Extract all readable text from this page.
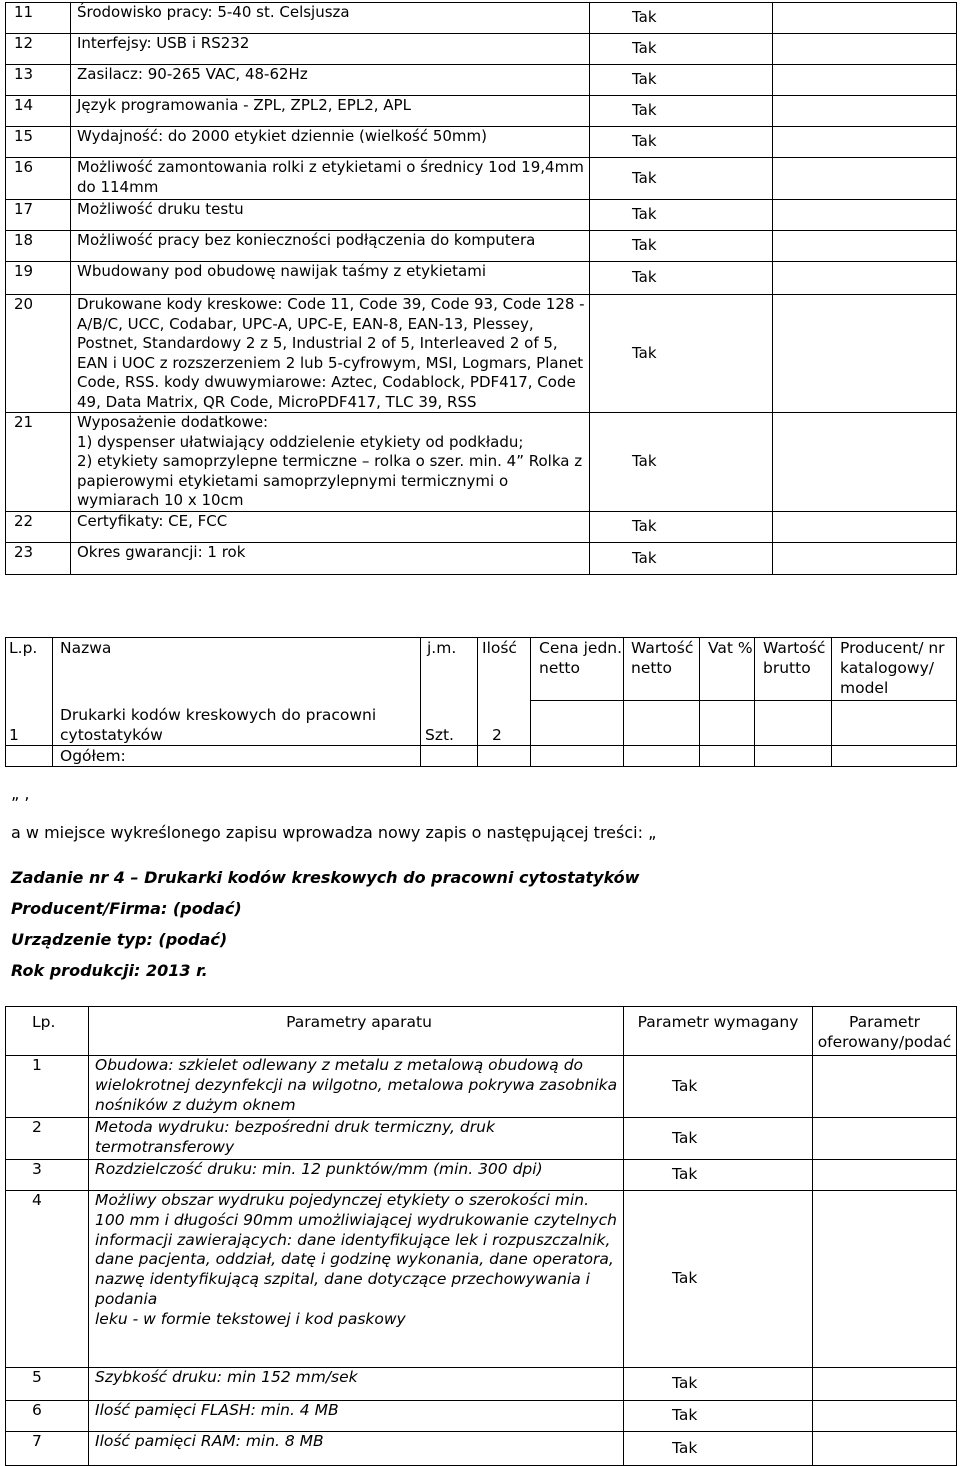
11	Środowisko pracy: 5-40 st. Celsjusza	Tak	
12	Interfejsy: USB i RS232	Tak	
13	Zasilacz: 90-265 VAC, 48-62Hz	Tak	
14	Język programowania - ZPL, ZPL2, EPL2, APL	Tak	
15	Wydajność: do 2000 etykiet dziennie (wielkość 50mm)	Tak	
16	Możliwość zamontowania rolki z etykietami o średnicy 1od 19,4mm do 114mm	Tak	
17	Możliwość druku testu	Tak	
18	Możliwość pracy bez konieczności podłączenia do komputera	Tak	
19	Wbudowany pod obudowę nawijak taśmy z etykietami	Tak	
20	Drukowane kody kreskowe: Code 11, Code 39, Code 93, Code 128 -A/B/C, UCC, Codabar, UPC-A, UPC-E, EAN-8, EAN-13, Plessey, Postnet, Standardowy 2 z 5, Industrial 2 of 5, Interleaved 2 of 5, EAN i UOC z rozszerzeniem 2 lub 5-cyfrowym, MSI, Logmars, Planet Code, RSS. kody dwuwymiarowe: Aztec, Codablock, PDF417, Code 49, Data Matrix, QR Code, MicroPDF417, TLC 39, RSS	Tak	
21	Wyposażenie dodatkowe:
1) dyspenser ułatwiający oddzielenie etykiety od podkładu;
2) etykiety samoprzylepne termiczne – rolka o szer. min. 4” Rolka z papierowymi etykietami samoprzylepnymi termicznymi o wymiarach 10 x 10cm	Tak	
22	Certyfikaty: CE, FCC	Tak	
23	Okres gwarancji: 1 rok	Tak	
L.p.	Nazwa	j.m.	Ilość	Cena jedn. netto	Wartość netto	Vat %	Wartość brutto	Producent/ nr katalogowy/ model
1	Drukarki kodów kreskowych do pracowni cytostatyków	Szt.	2					
	Ogółem:							
„ ,
a w miejsce wykreślonego zapisu wprowadza nowy zapis o następującej treści: „
Zadanie nr 4 – Drukarki kodów kreskowych do pracowni cytostatyków
Producent/Firma: (podać)
Urządzenie typ: (podać)
Rok produkcji: 2013 r.
Lp.	Parametry aparatu	Parametr wymagany	Parametr oferowany/podać
1	Obudowa: szkielet odlewany z metalu z metalową obudową do wielokrotnej dezynfekcji na wilgotno, metalowa pokrywa zasobnika nośników z dużym oknem	Tak	
2	Metoda wydruku: bezpośredni druk termiczny, druk termotransferowy	Tak	
3	Rozdzielczość druku: min. 12 punktów/mm (min. 300 dpi)	Tak	
4	Możliwy obszar wydruku pojedynczej etykiety o szerokości min. 100 mm i długości 90mm umożliwiającej wydrukowanie czytelnych informacji zawierających: dane identyfikujące lek i rozpuszczalnik,
dane pacjenta, oddział, datę i godzinę wykonania, dane operatora,
nazwę identyfikującą szpital, dane dotyczące przechowywania i podania
leku - w formie tekstowej i kod paskowy	Tak	
5	Szybkość druku: min 152 mm/sek	Tak	
6	Ilość pamięci FLASH: min. 4 MB	Tak	
7	Ilość pamięci RAM: min. 8 MB	Tak	
